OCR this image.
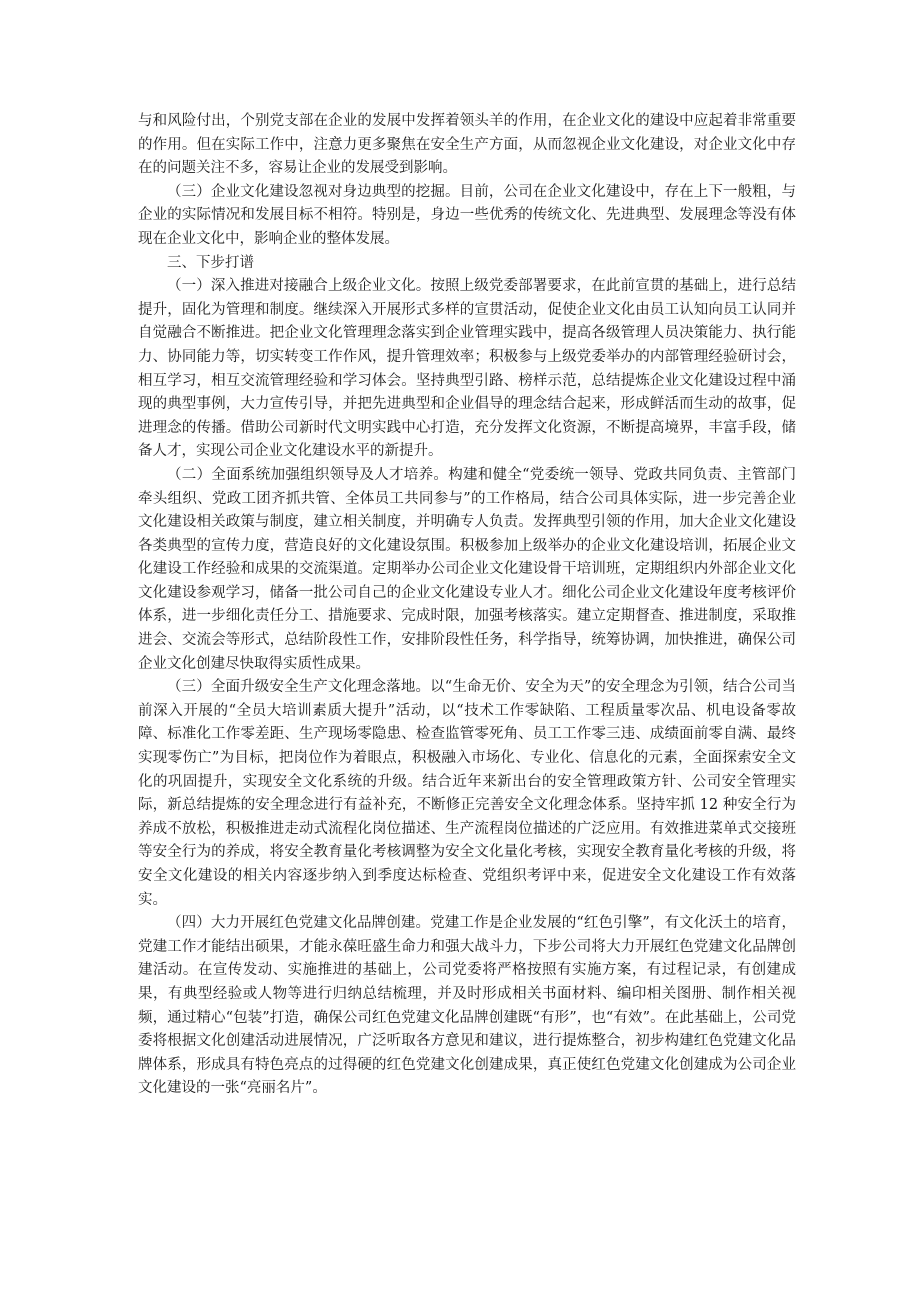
与和风险付出，个别党支部在企业的发展中发挥着领头羊的作用，在企业文化的建设中应起着非常重要的作用。但在实际工作中，注意力更多聚焦在安全生产方面，从而忽视企业文化建设，对企业文化中存在的问题关注不多，容易让企业的发展受到影响。

（三）企业文化建设忽视对身边典型的挖掘。目前，公司在企业文化建设中，存在上下一般粗，与企业的实际情况和发展目标不相符。特别是，身边一些优秀的传统文化、先进典型、发展理念等没有体现在企业文化中，影响企业的整体发展。

三、下步打谱

（一）深入推进对接融合上级企业文化。按照上级党委部署要求，在此前宣贯的基础上，进行总结提升，固化为管理和制度。继续深入开展形式多样的宣贯活动，促使企业文化由员工认知向员工认同并自觉融合不断推进。把企业文化管理理念落实到企业管理实践中，提高各级管理人员决策能力、执行能力、协同能力等，切实转变工作作风，提升管理效率；积极参与上级党委举办的内部管理经验研讨会，相互学习，相互交流管理经验和学习体会。坚持典型引路、榜样示范，总结提炼企业文化建设过程中涌现的典型事例，大力宣传引导，并把先进典型和企业倡导的理念结合起来，形成鲜活而生动的故事，促进理念的传播。借助公司新时代文明实践中心打造，充分发挥文化资源，不断提高境界，丰富手段，储备人才，实现公司企业文化建设水平的新提升。

（二）全面系统加强组织领导及人才培养。构建和健全“党委统一领导、党政共同负责、主管部门牵头组织、党政工团齐抓共管、全体员工共同参与”的工作格局，结合公司具体实际，进一步完善企业文化建设相关政策与制度，建立相关制度，并明确专人负责。发挥典型引领的作用，加大企业文化建设各类典型的宣传力度，营造良好的文化建设氛围。积极参加上级举办的企业文化建设培训，拓展企业文化建设工作经验和成果的交流渠道。定期举办公司企业文化建设骨干培训班，定期组织内外部企业文化文化建设参观学习，储备一批公司自己的企业文化建设专业人才。细化公司企业文化建设年度考核评价体系，进一步细化责任分工、措施要求、完成时限，加强考核落实。建立定期督查、推进制度，采取推进会、交流会等形式，总结阶段性工作，安排阶段性任务，科学指导，统筹协调，加快推进，确保公司企业文化创建尽快取得实质性成果。

（三）全面升级安全生产文化理念落地。以“生命无价、安全为天”的安全理念为引领，结合公司当前深入开展的“全员大培训素质大提升”活动，以“技术工作零缺陷、工程质量零次品、机电设备零故障、标准化工作零差距、生产现场零隐患、检查监管零死角、员工工作零三违、成绩面前零自满、最终实现零伤亡”为目标，把岗位作为着眼点，积极融入市场化、专业化、信息化的元素，全面探索安全文化的巩固提升，实现安全文化系统的升级。结合近年来新出台的安全管理政策方针、公司安全管理实际，新总结提炼的安全理念进行有益补充，不断修正完善安全文化理念体系。坚持牢抓 12 种安全行为养成不放松，积极推进走动式流程化岗位描述、生产流程岗位描述的广泛应用。有效推进菜单式交接班等安全行为的养成，将安全教育量化考核调整为安全文化量化考核，实现安全教育量化考核的升级，将安全文化建设的相关内容逐步纳入到季度达标检查、党组织考评中来，促进安全文化建设工作有效落实。

（四）大力开展红色党建文化品牌创建。党建工作是企业发展的“红色引擎”，有文化沃土的培育，党建工作才能结出硕果，才能永葆旺盛生命力和强大战斗力，下步公司将大力开展红色党建文化品牌创建活动。在宣传发动、实施推进的基础上，公司党委将严格按照有实施方案，有过程记录，有创建成果，有典型经验或人物等进行归纳总结梳理，并及时形成相关书面材料、编印相关图册、制作相关视频，通过精心“包装”打造，确保公司红色党建文化品牌创建既“有形”，也“有效”。在此基础上，公司党委将根据文化创建活动进展情况，广泛听取各方意见和建议，进行提炼整合，初步构建红色党建文化品牌体系，形成具有特色亮点的过得硬的红色党建文化创建成果，真正使红色党建文化创建成为公司企业文化建设的一张“亮丽名片”。
